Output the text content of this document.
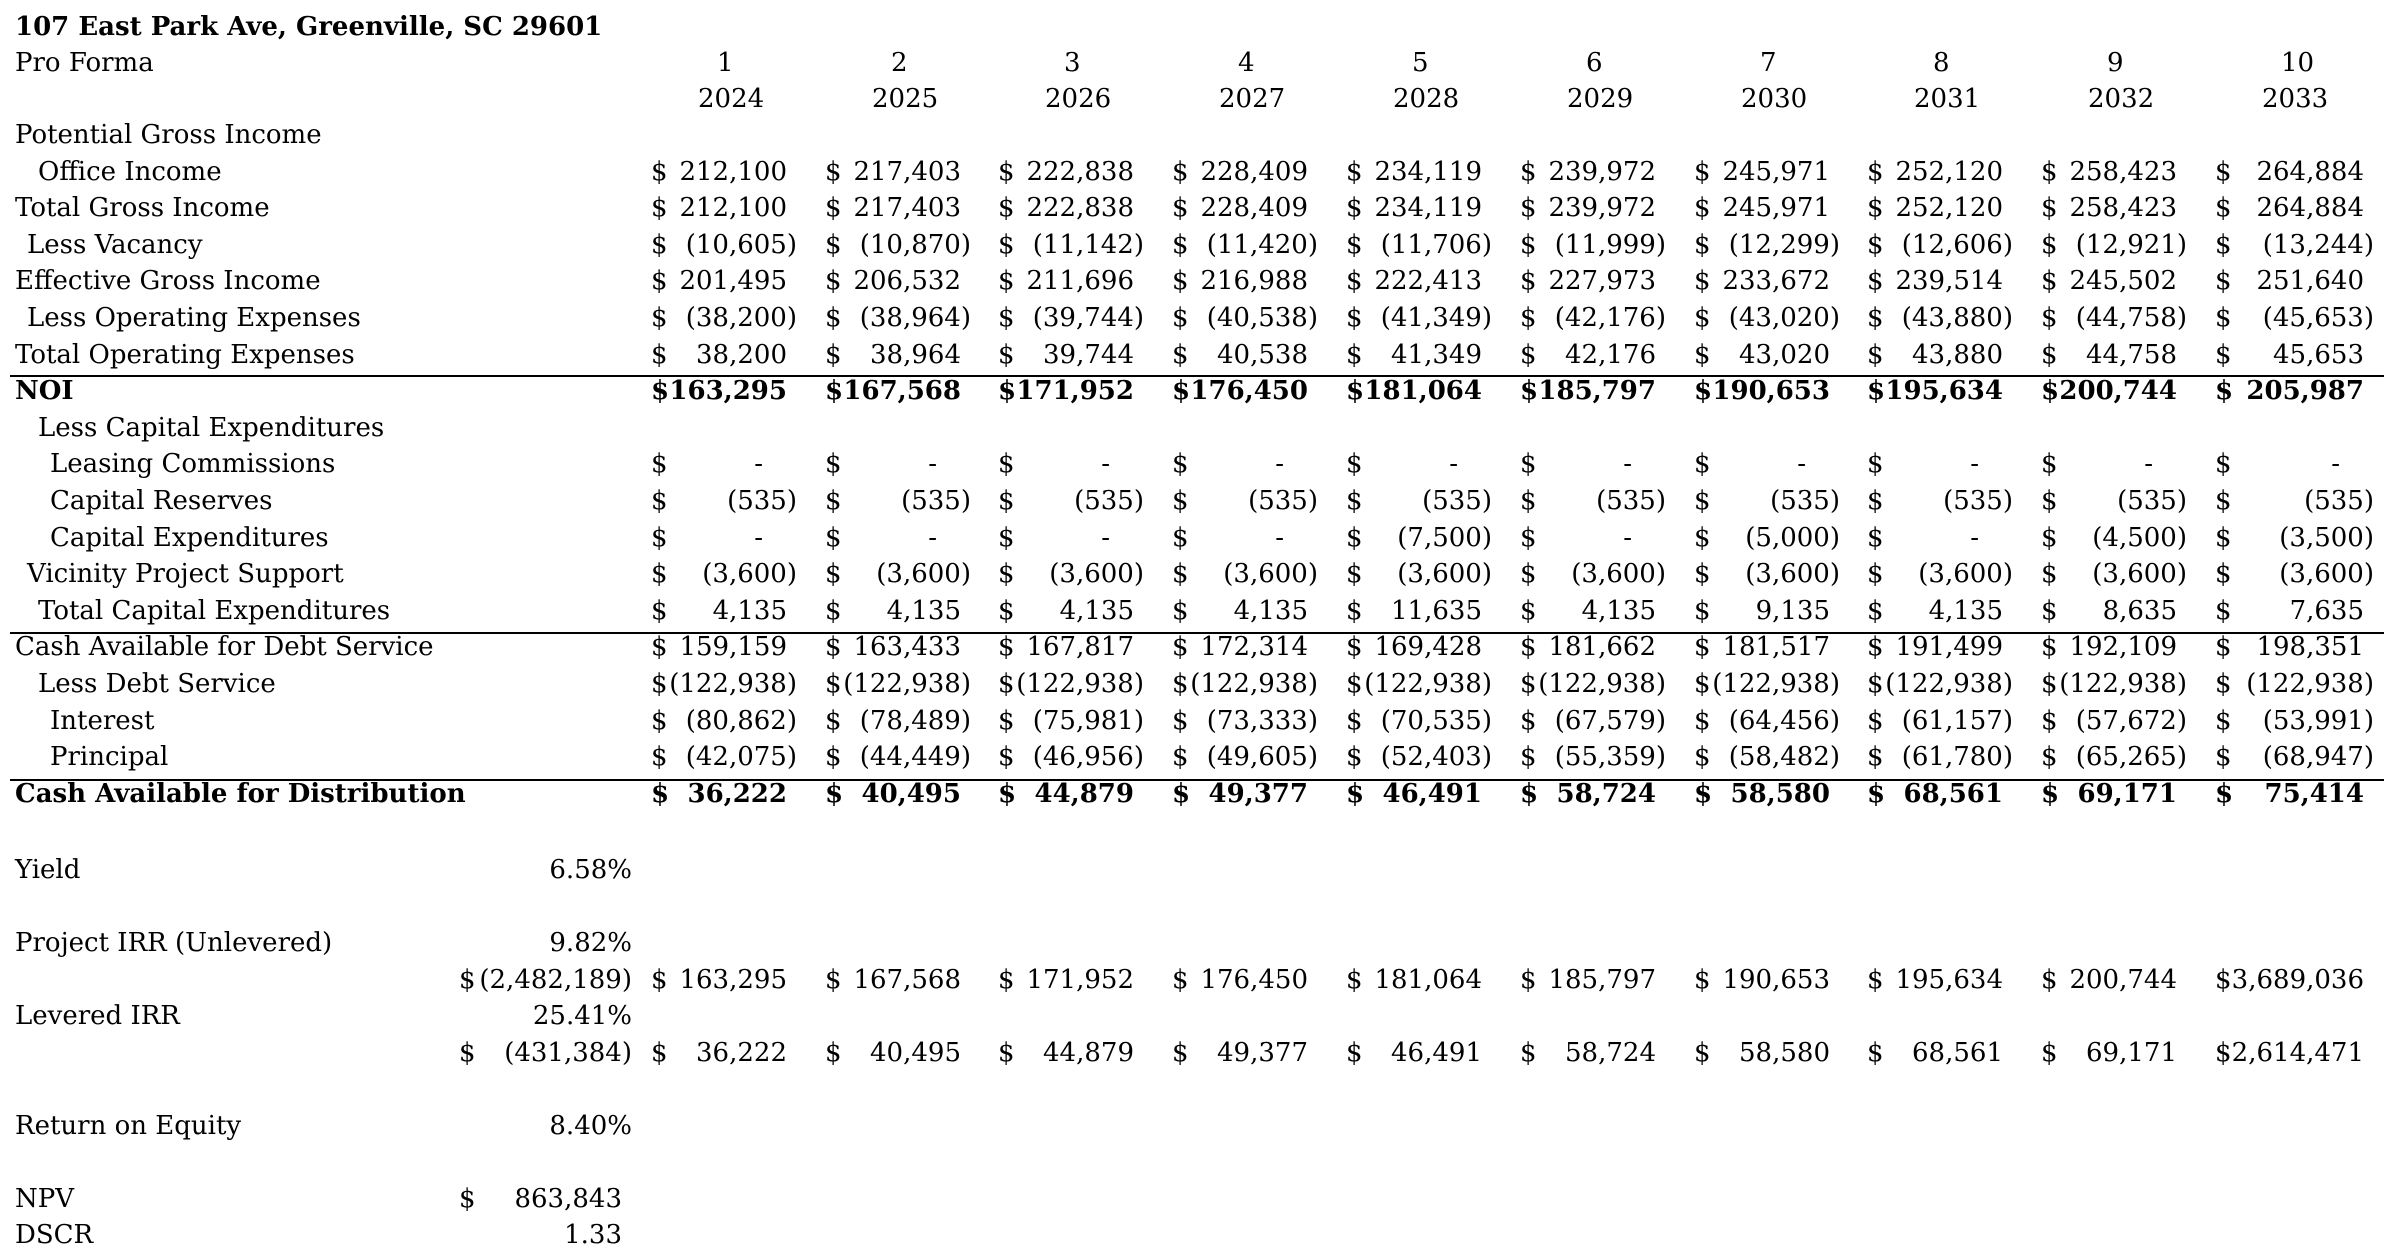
107 East Park Ave, Greenville, SC 29601
Pro Forma	1	2	3	4	5	6	7	8	9	10
2024	2025	2026	2027	2028	2029	2030	2031	2032	2033
Potential Gross Income
Office Income	$ 212,100 $ 217,403 $ 222,838 $ 228,409 $ 234,119 $ 239,972 $ 245,971 $ 252,120 $ 258,423 $ 264,884
Total Gross Income	$ 212,100 $ 217,403 $ 222,838 $ 228,409 $ 234,119 $ 239,972 $ 245,971 $ 252,120 $ 258,423 $ 264,884
Less Vacancy	$ (10,605) $ (10,870) $ (11,142) $ (11,420) $ (11,706) $ (11,999) $ (12,299) $ (12,606) $ (12,921) $	(13,244)
Effective Gross Income	$ 201,495 $ 206,532 $ 211,696 $ 216,988 $ 222,413 $ 227,973 $ 233,672 $ 239,514 $ 245,502 $ 251,640
Less Operating Expenses	$ (38,200) $ (38,964) $ (39,744) $ (40,538) $ (41,349) $ (42,176) $ (43,020) $ (43,880) $ (44,758) $	(45,653)
Total Operating Expenses	$	38,200 $	38,964 $	39,744 $	40,538 $	41,349 $	42,176 $	43,020 $	43,880 $	44,758 $	45,653
NOI	$ 163,295 $ 167,568 $ 171,952 $ 176,450 $ 181,064 $ 185,797 $ 190,653 $ 195,634 $ 200,744 $ 205,987
Less Capital Expenditures
Leasing Commissions	$	- $	- $	- $	- $	- $	- $	- $	- $	- $	-
Capital Reserves	$	(535) $	(535) $	(535) $	(535) $	(535) $	(535) $	(535) $	(535) $	(535) $	(535)
Capital Expenditures	$	- $	- $	- $	- $	(7,500) $	- $	(5,000) $	- $	(4,500) $	(3,500)
Vicinity Project Support	$	(3,600) $	(3,600) $	(3,600) $	(3,600) $	(3,600) $	(3,600) $	(3,600) $	(3,600) $	(3,600) $	(3,600)
Total Capital Expenditures	$	4,135 $	4,135 $	4,135 $	4,135 $	11,635 $	4,135 $	9,135 $	4,135 $	8,635 $	7,635
Cash Available for Debt Service	$ 159,159 $ 163,433 $ 167,817 $ 172,314 $ 169,428 $ 181,662 $ 181,517 $ 191,499 $ 192,109 $ 198,351
Less Debt Service	$ (122,938) $ (122,938) $ (122,938) $ (122,938) $ (122,938) $ (122,938) $ (122,938) $ (122,938) $ (122,938) $ (122,938)
Interest	$ (80,862) $ (78,489) $ (75,981) $ (73,333) $ (70,535) $ (67,579) $ (64,456) $ (61,157) $ (57,672) $	(53,991)
Principal	$ (42,075) $ (44,449) $ (46,956) $ (49,605) $ (52,403) $ (55,359) $ (58,482) $ (61,780) $ (65,265) $	(68,947)
Cash Available for Distribution	$ 36,222 $ 40,495 $ 44,879 $ 49,377 $ 46,491 $ 58,724 $ 58,580 $ 68,561 $ 69,171 $	75,414
Yield	6.58%
Project IRR (Unlevered)	9.82%
$ (2,482,189) $ 163,295 $ 167,568 $ 171,952 $ 176,450 $ 181,064 $ 185,797 $ 190,653 $ 195,634 $ 200,744 $ 3,689,036
Levered IRR	25.41%
$	(431,384) $	36,222 $	40,495 $	44,879 $	49,377 $	46,491 $	58,724 $	58,580 $	68,561 $	69,171 $ 2,614,471
Return on Equity	8.40%
NPV	$	863,843
DSCR	1.33
